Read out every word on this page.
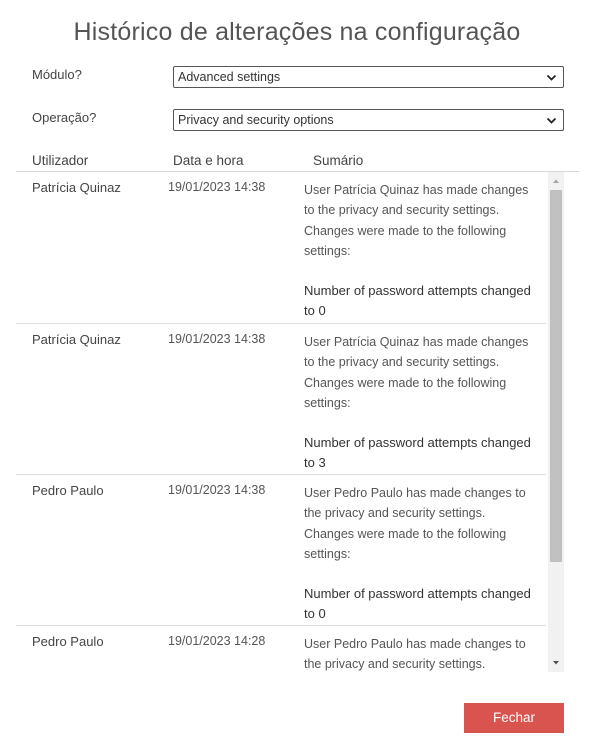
Histórico de alterações na configuração
Módulo?	Advanced settings
Operação?	Privacy and security options
Utilizador	Data e hora	Sumário
Patrícia Quinaz	19/01/2023 14:38	User Patrícia Quinaz has made changes
to the privacy and security settings.
Changes were made to the following
settings:
Number of password attempts changed
to 0
Patrícia Quinaz	19/01/2023 14:38	User Patrícia Quinaz has made changes
to the privacy and security settings.
Changes were made to the following
settings:
Number of password attempts changed
to 3
Pedro Paulo	19/01/2023 14:38	User Pedro Paulo has made changes to
the privacy and security settings.
Changes were made to the following
settings:
Number of password attempts changed
to 0
Pedro Paulo	19/01/2023 14:28	User Pedro Paulo has made changes to
the privacy and security settings.
Fechar
